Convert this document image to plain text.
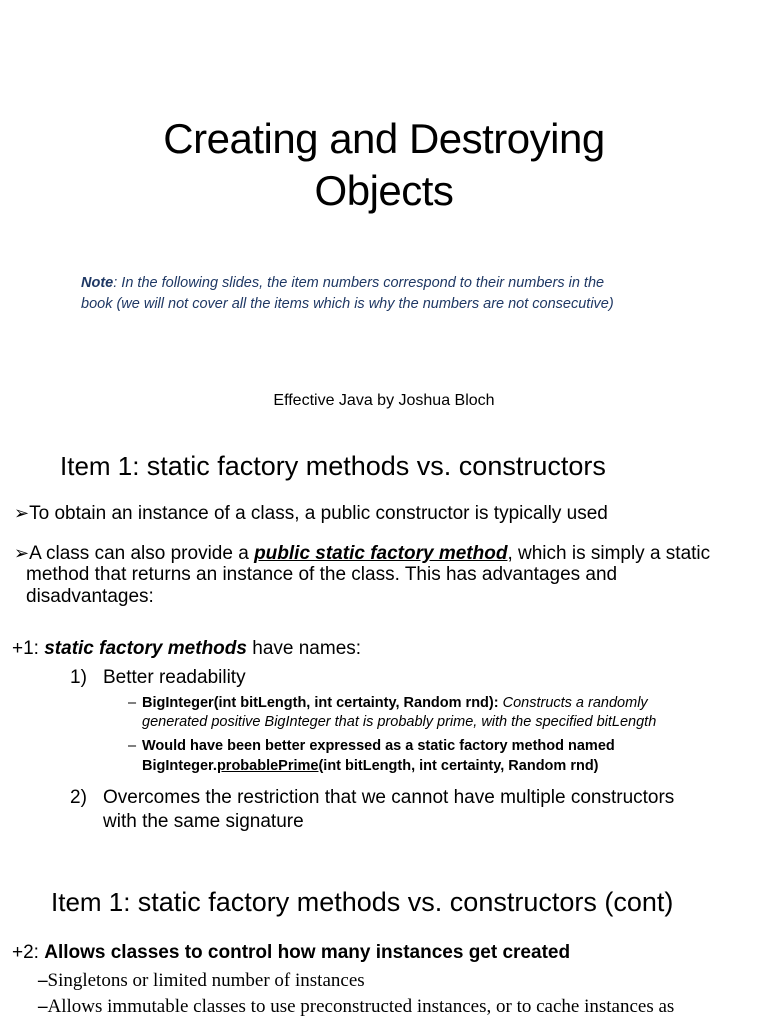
Creating and Destroying
Objects
Note: In the following slides, the item numbers correspond to their numbers in the
book (we will not cover all the items which is why the numbers are not consecutive)
Effective Java by Joshua Bloch
Item 1: static factory methods vs. constructors
➢To obtain an instance of a class, a public constructor is typically used
➢A class can also provide a public static factory method, which is simply a static
method that returns an instance of the class. This has advantages and
disadvantages:
+1: static factory methods have names:
1) Better readability
– BigInteger(int bitLength, int certainty, Random rnd): Constructs a randomly
generated positive BigInteger that is probably prime, with the specified bitLength
– Would have been better expressed as a static factory method named
BigInteger.probablePrime(int bitLength, int certainty, Random rnd)
2) Overcomes the restriction that we cannot have multiple constructors
with the same signature
Item 1: static factory methods vs. constructors (cont)
+2: Allows classes to control how many instances get created
–Singletons or limited number of instances
–Allows immutable classes to use preconstructed instances, or to cache instances as
